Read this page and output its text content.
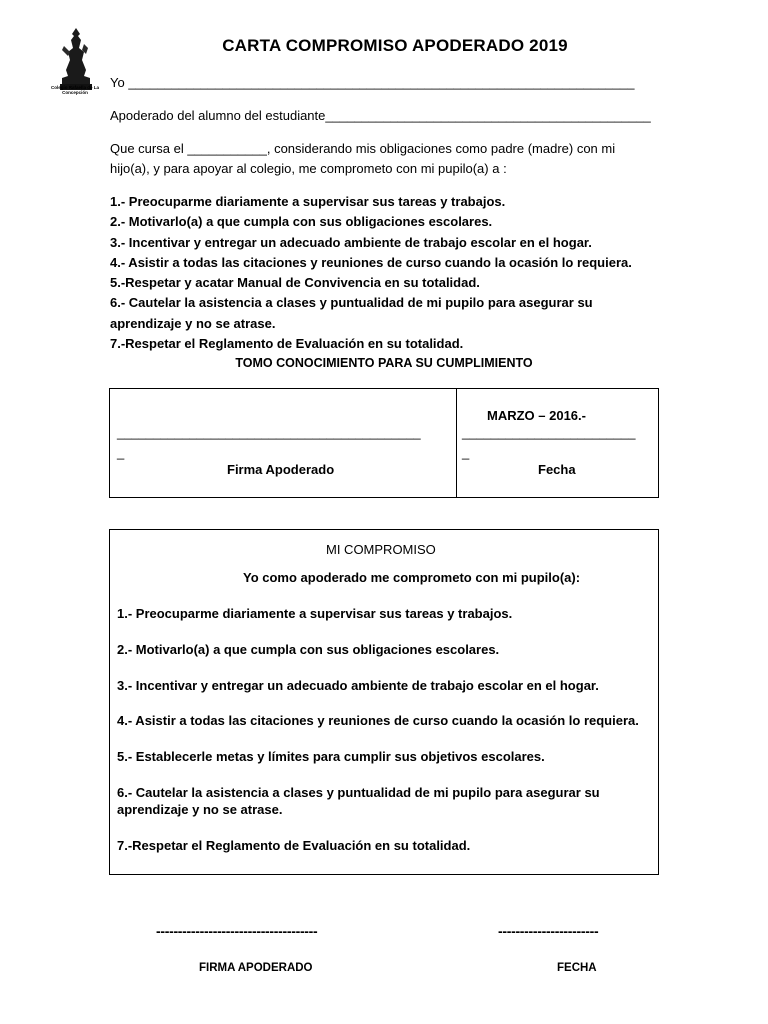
Colegio Rafaella de La Concepción
CARTA COMPROMISO APODERADO 2019
Yo ______________________________________________________________________
Apoderado del alumno del estudiante_____________________________________________
Que cursa el ___________, considerando mis obligaciones como padre (madre) con mi
hijo(a), y para apoyar al colegio, me comprometo con mi pupilo(a) a :
1.- Preocuparme diariamente a supervisar sus tareas y trabajos.
2.- Motivarlo(a) a que cumpla con sus obligaciones escolares.
3.- Incentivar y entregar un adecuado ambiente de trabajo escolar en el hogar.
4.- Asistir a todas las citaciones y reuniones de curso cuando la ocasión lo requiera.
5.-Respetar y acatar Manual de Convivencia en su totalidad.
6.- Cautelar la asistencia a clases y puntualidad de mi pupilo para asegurar su
aprendizaje y no se atrase.
7.-Respetar el Reglamento de Evaluación en su totalidad.
TOMO CONOCIMIENTO PARA SU CUMPLIMIENTO
MARZO – 2016.-
__________________________________________
_
________________________
_
Firma Apoderado	Fecha
MI COMPROMISO
Yo como apoderado me comprometo con mi pupilo(a):
1.- Preocuparme diariamente a supervisar sus tareas y trabajos.
2.- Motivarlo(a) a que cumpla con sus obligaciones escolares.
3.- Incentivar y entregar un adecuado ambiente de trabajo escolar en el hogar.
4.- Asistir a todas las citaciones y reuniones de curso cuando la ocasión lo requiera.
5.- Establecerle metas y límites para cumplir sus objetivos escolares.
6.- Cautelar la asistencia a clases y puntualidad de mi pupilo para asegurar su
aprendizaje y no se atrase.
7.-Respetar el Reglamento de Evaluación en su totalidad.
-------------------------------------	-----------------------
FIRMA APODERADO	FECHA
